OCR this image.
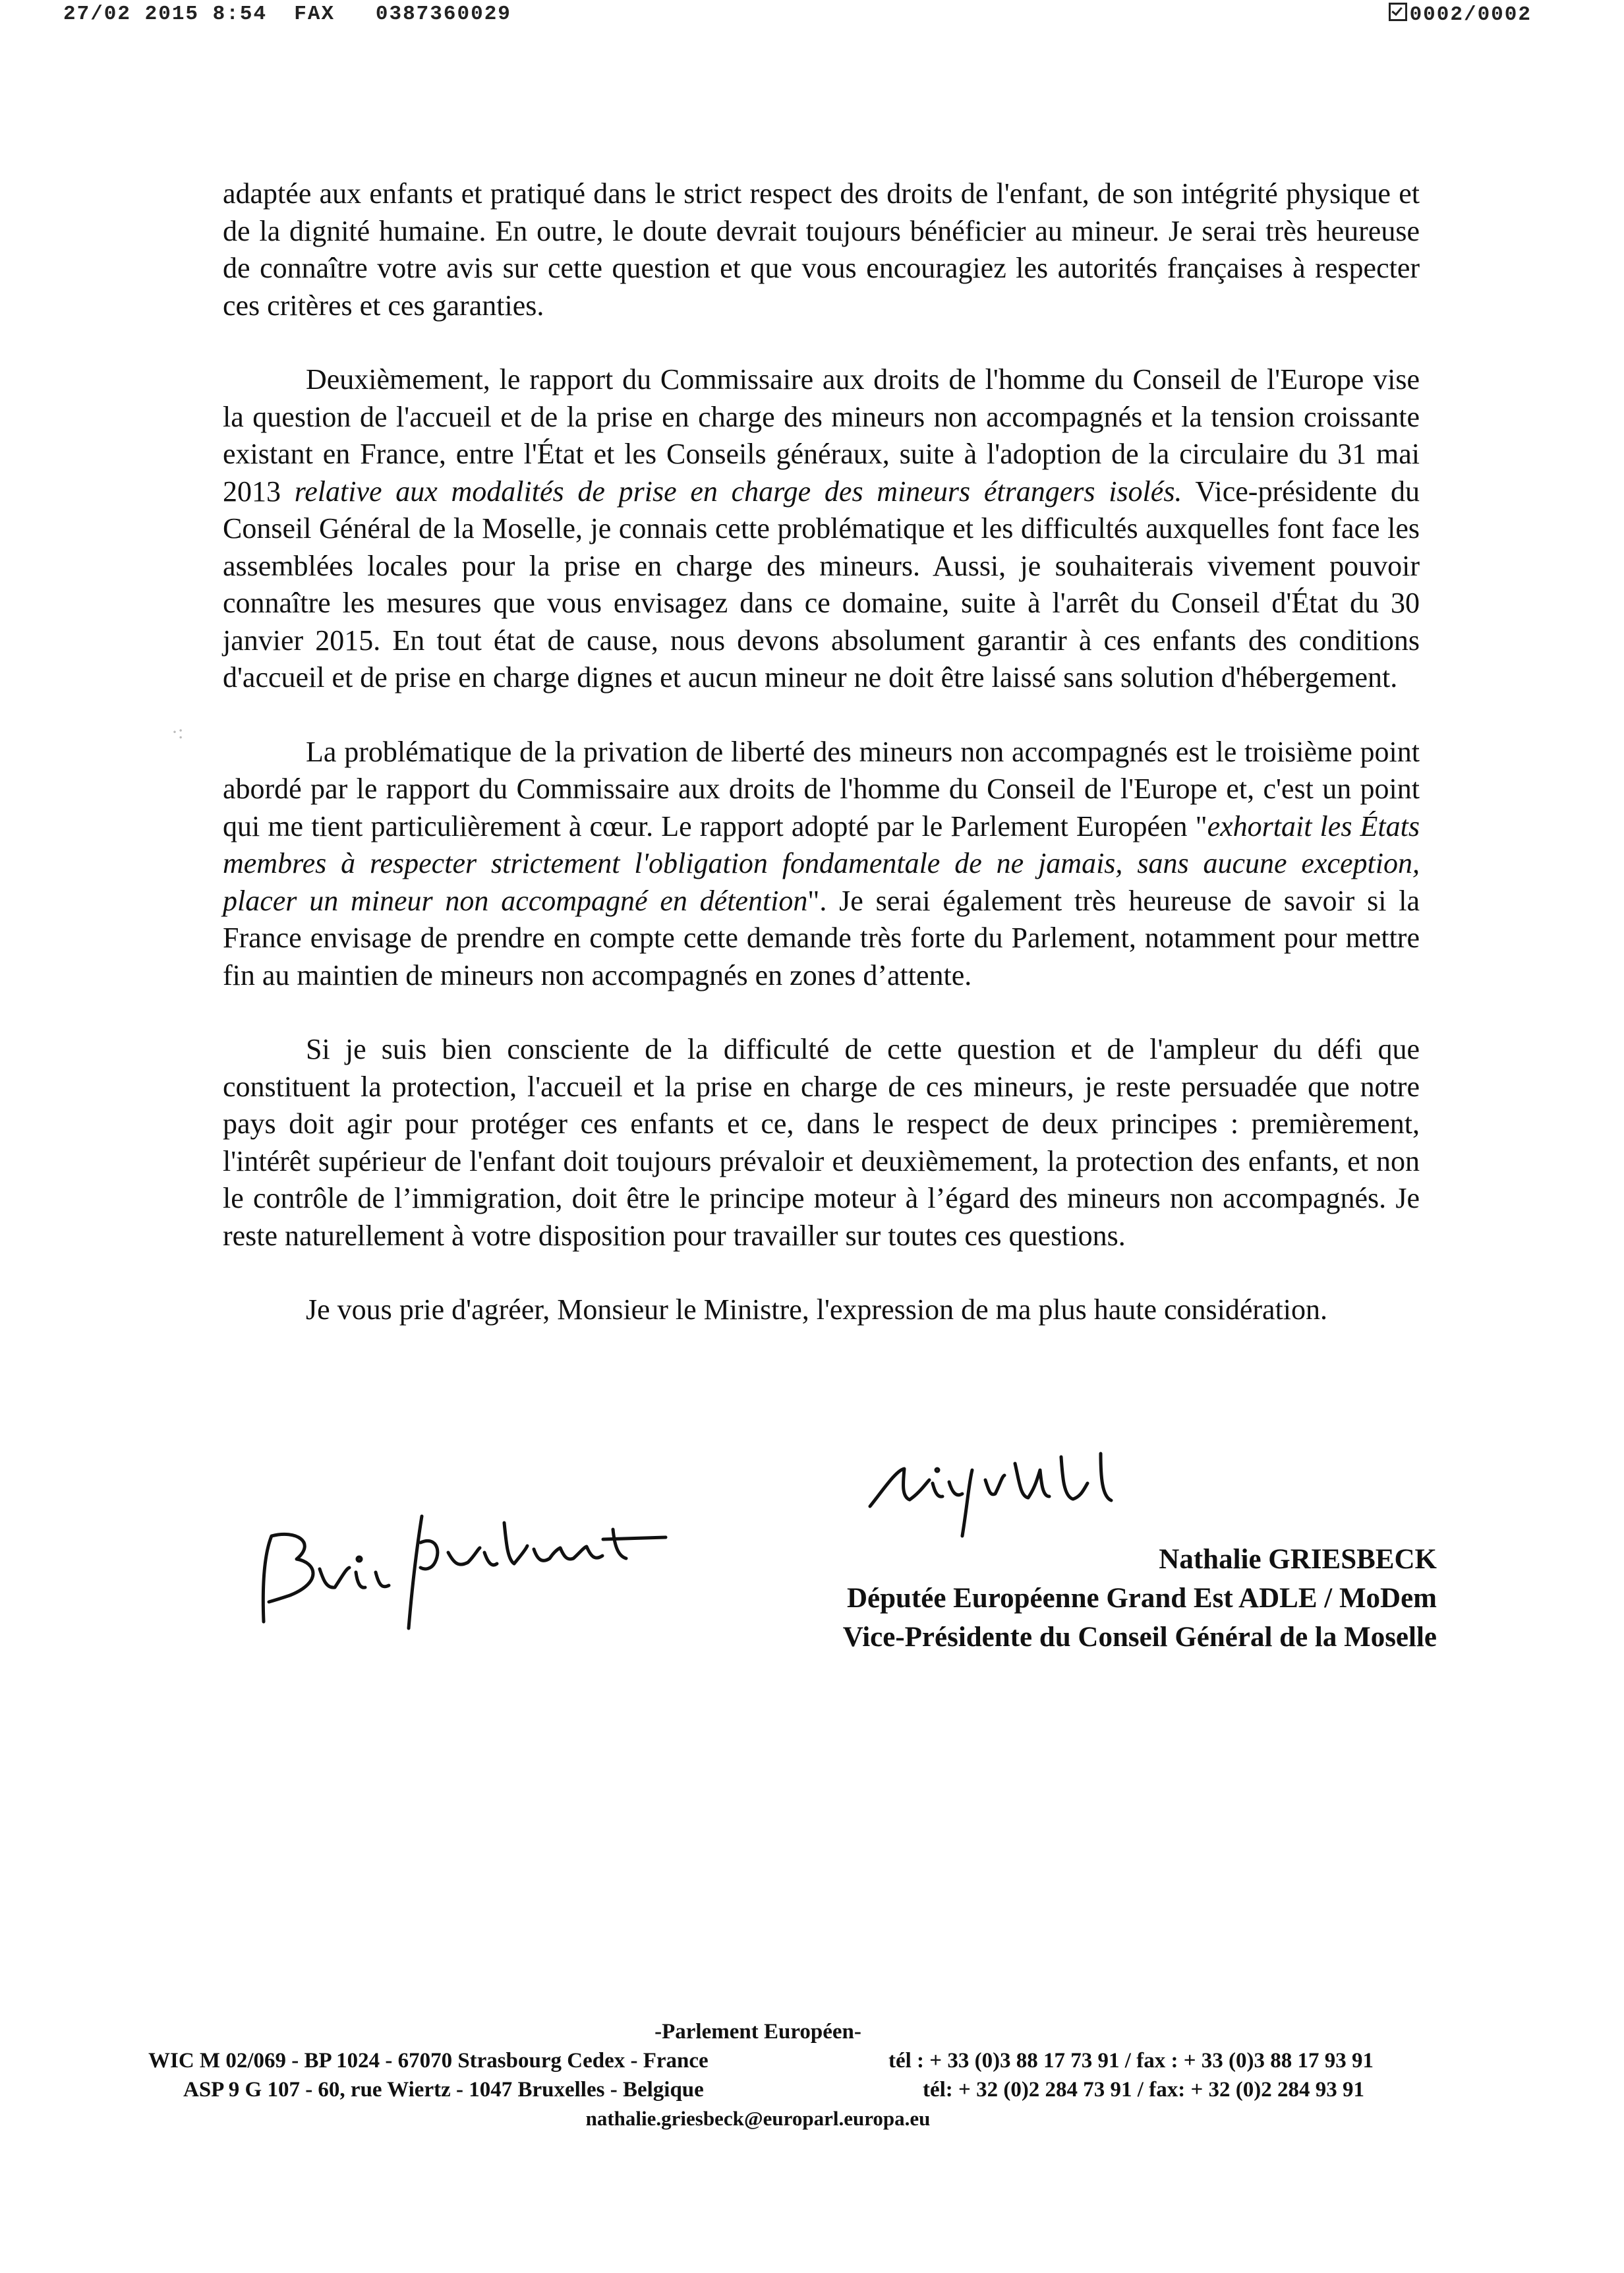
27/02 2015 8:54  FAX   0387360029	0002/0002
·:

adaptée aux enfants et pratiqué dans le strict respect des droits de l'enfant, de son intégrité physique et de la dignité humaine. En outre, le doute devrait toujours bénéficier au mineur. Je serai très heureuse de connaître votre avis sur cette question et que vous encouragiez les autorités françaises à respecter ces critères et ces garanties.

Deuxièmement, le rapport du Commissaire aux droits de l'homme du Conseil de l'Europe vise la question de l'accueil et de la prise en charge des mineurs non accompagnés et la tension croissante existant en France, entre l'État et les Conseils généraux, suite à l'adoption de la circulaire du 31 mai 2013 relative aux modalités de prise en charge des mineurs étrangers isolés. Vice-présidente du Conseil Général de la Moselle, je connais cette problématique et les difficultés auxquelles font face les assemblées locales pour la prise en charge des mineurs. Aussi, je souhaiterais vivement pouvoir connaître les mesures que vous envisagez dans ce domaine, suite à l'arrêt du Conseil d'État du 30 janvier 2015. En tout état de cause, nous devons absolument garantir à ces enfants des conditions d'accueil et de prise en charge dignes et aucun mineur ne doit être laissé sans solution d'hébergement.

La problématique de la privation de liberté des mineurs non accompagnés est le troisième point abordé par le rapport du Commissaire aux droits de l'homme du Conseil de l'Europe et, c'est un point qui me tient particulièrement à cœur. Le rapport adopté par le Parlement Européen "exhortait les États membres à respecter strictement l'obligation fondamentale de ne jamais, sans aucune exception, placer un mineur non accompagné en détention". Je serai également très heureuse de savoir si la France envisage de prendre en compte cette demande très forte du Parlement, notamment pour mettre fin au maintien de mineurs non accompagnés en zones d’attente.

Si je suis bien consciente de la difficulté de cette question et de l'ampleur du défi que constituent la protection, l'accueil et la prise en charge de ces mineurs, je reste persuadée que notre pays doit agir pour protéger ces enfants et ce, dans le respect de deux principes : premièrement, l'intérêt supérieur de l'enfant doit toujours prévaloir et deuxièmement, la protection des enfants, et non le contrôle de l’immigration, doit être le principe moteur à l’égard des mineurs non accompagnés. Je reste naturellement à votre disposition pour travailler sur toutes ces questions.

Je vous prie d'agréer, Monsieur le Ministre, l'expression de ma plus haute considération.

Nathalie GRIESBECK
Députée Européenne Grand Est ADLE / MoDem
Vice-Présidente du Conseil Général de la Moselle
-Parlement Européen-
WIC M 02/069 - BP 1024 - 67070 Strasbourg Cedex - France	tél : + 33 (0)3 88 17 73 91 / fax : + 33 (0)3 88 17 93 91
ASP 9 G 107 - 60, rue Wiertz - 1047 Bruxelles - Belgique	tél: + 32 (0)2 284 73 91 / fax: + 32 (0)2 284 93 91
nathalie.griesbeck@europarl.europa.eu
